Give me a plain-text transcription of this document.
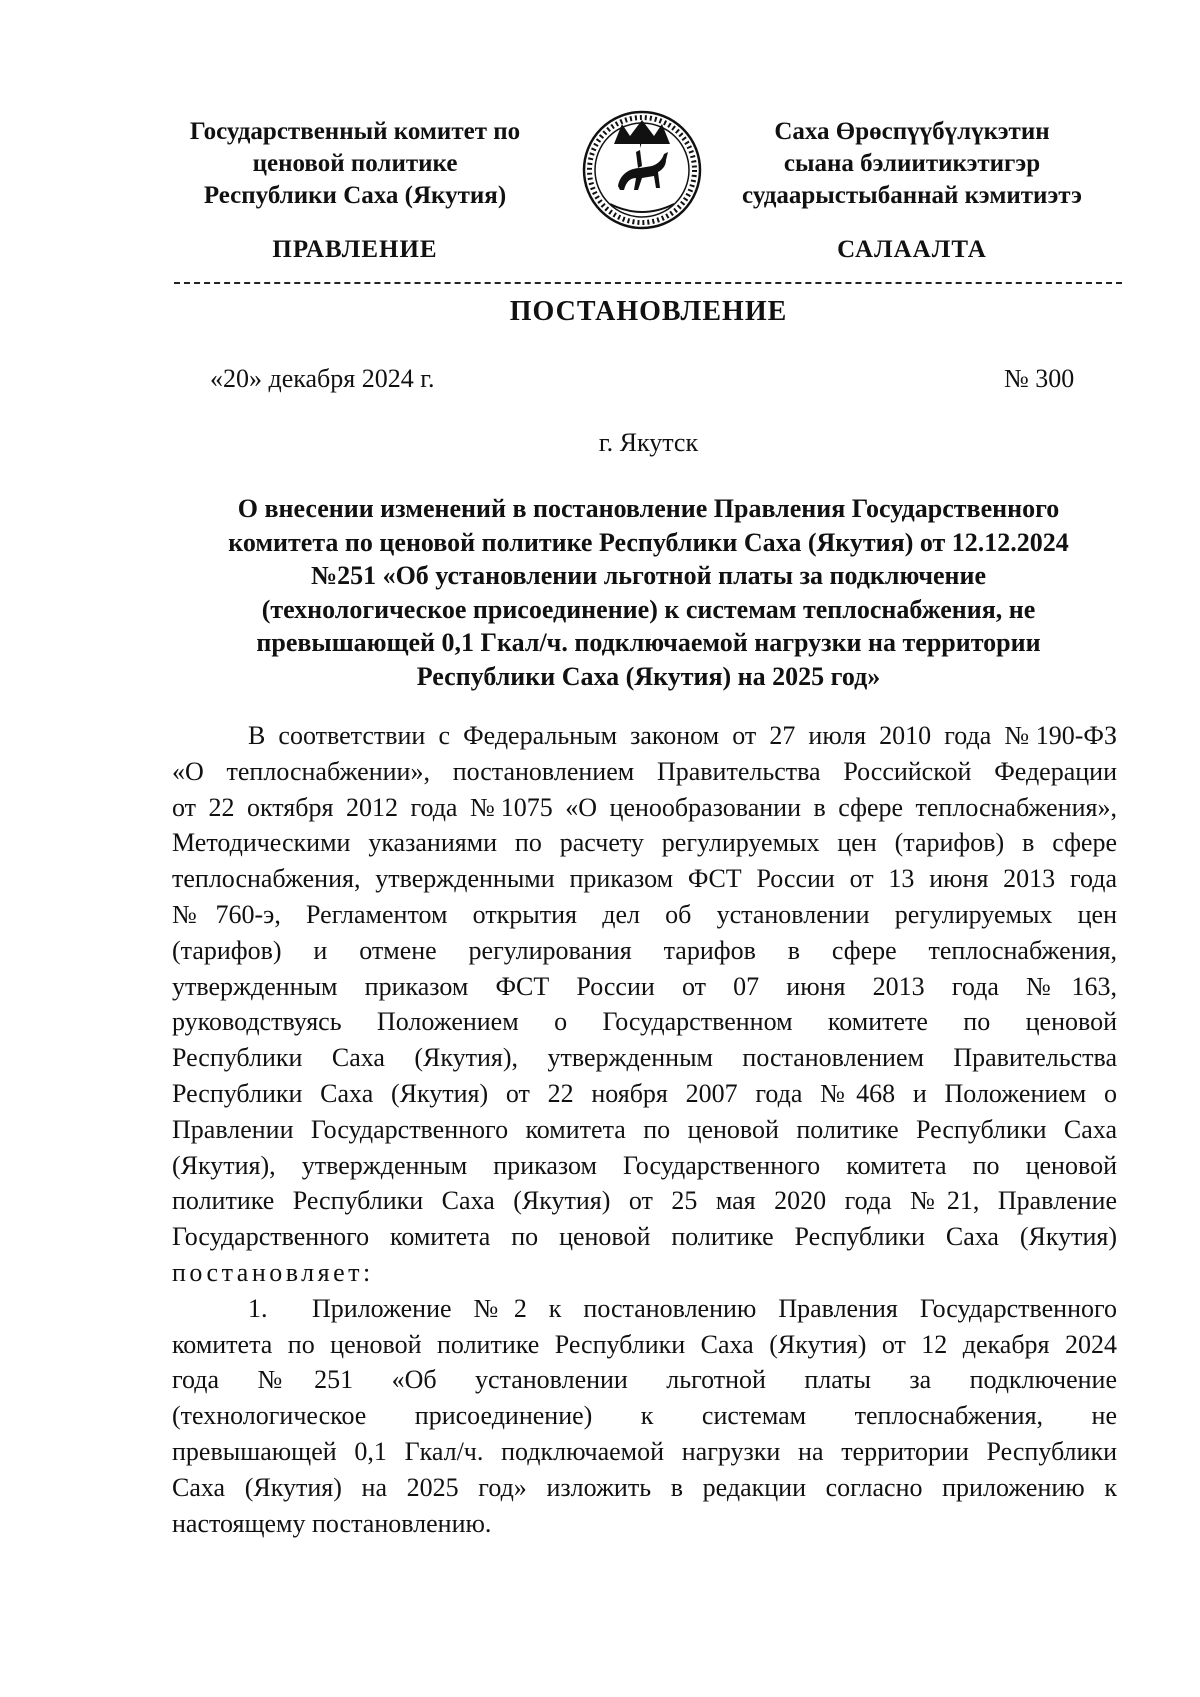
Государственный комитет по
ценовой политике
Республики Саха (Якутия)
Саха Өрөспүүбүлүкэтин
сыана бэлиитикэтигэр
судаарыстыбаннай кэмитиэтэ
ПРАВЛЕНИЕ	САЛААЛТА
ПОСТАНОВЛЕНИЕ
«20» декабря 2024 г.	№ 300
г. Якутск
О внесении изменений в постановление Правления Государственного
комитета по ценовой политике Республики Саха (Якутия) от 12.12.2024
№251 «Об установлении льготной платы за подключение
(технологическое присоединение) к системам теплоснабжения, не
превышающей 0,1 Гкал/ч. подключаемой нагрузки на территории
Республики Саха (Якутия) на 2025 год»
В соответствии с Федеральным законом от 27 июля 2010 года №190-ФЗ
«О теплоснабжении», постановлением Правительства Российской Федерации
от 22 октября 2012 года №1075 «О ценообразовании в сфере теплоснабжения»,
Методическими указаниями по расчету регулируемых цен (тарифов) в сфере
теплоснабжения, утвержденными приказом ФСТ России от 13 июня 2013 года
№760-э, Регламентом открытия дел об установлении регулируемых цен
(тарифов) и отмене регулирования тарифов в сфере теплоснабжения,
утвержденным приказом ФСТ России от 07 июня 2013 года №163,
руководствуясь Положением о Государственном комитете по ценовой
Республики Саха (Якутия), утвержденным постановлением Правительства
Республики Саха (Якутия) от 22 ноября 2007 года №468 и Положением о
Правлении Государственного комитета по ценовой политике Республики Саха
(Якутия), утвержденным приказом Государственного комитета по ценовой
политике Республики Саха (Якутия) от 25 мая 2020 года №21, Правление
Государственного комитета по ценовой политике Республики Саха (Якутия)
постановляет:
1. Приложение №2 к постановлению Правления Государственного
комитета по ценовой политике Республики Саха (Якутия) от 12 декабря 2024
года №251 «Об установлении льготной платы за подключение
(технологическое присоединение) к системам теплоснабжения, не
превышающей 0,1 Гкал/ч. подключаемой нагрузки на территории Республики
Саха (Якутия) на 2025 год» изложить в редакции согласно приложению к
настоящему постановлению.
